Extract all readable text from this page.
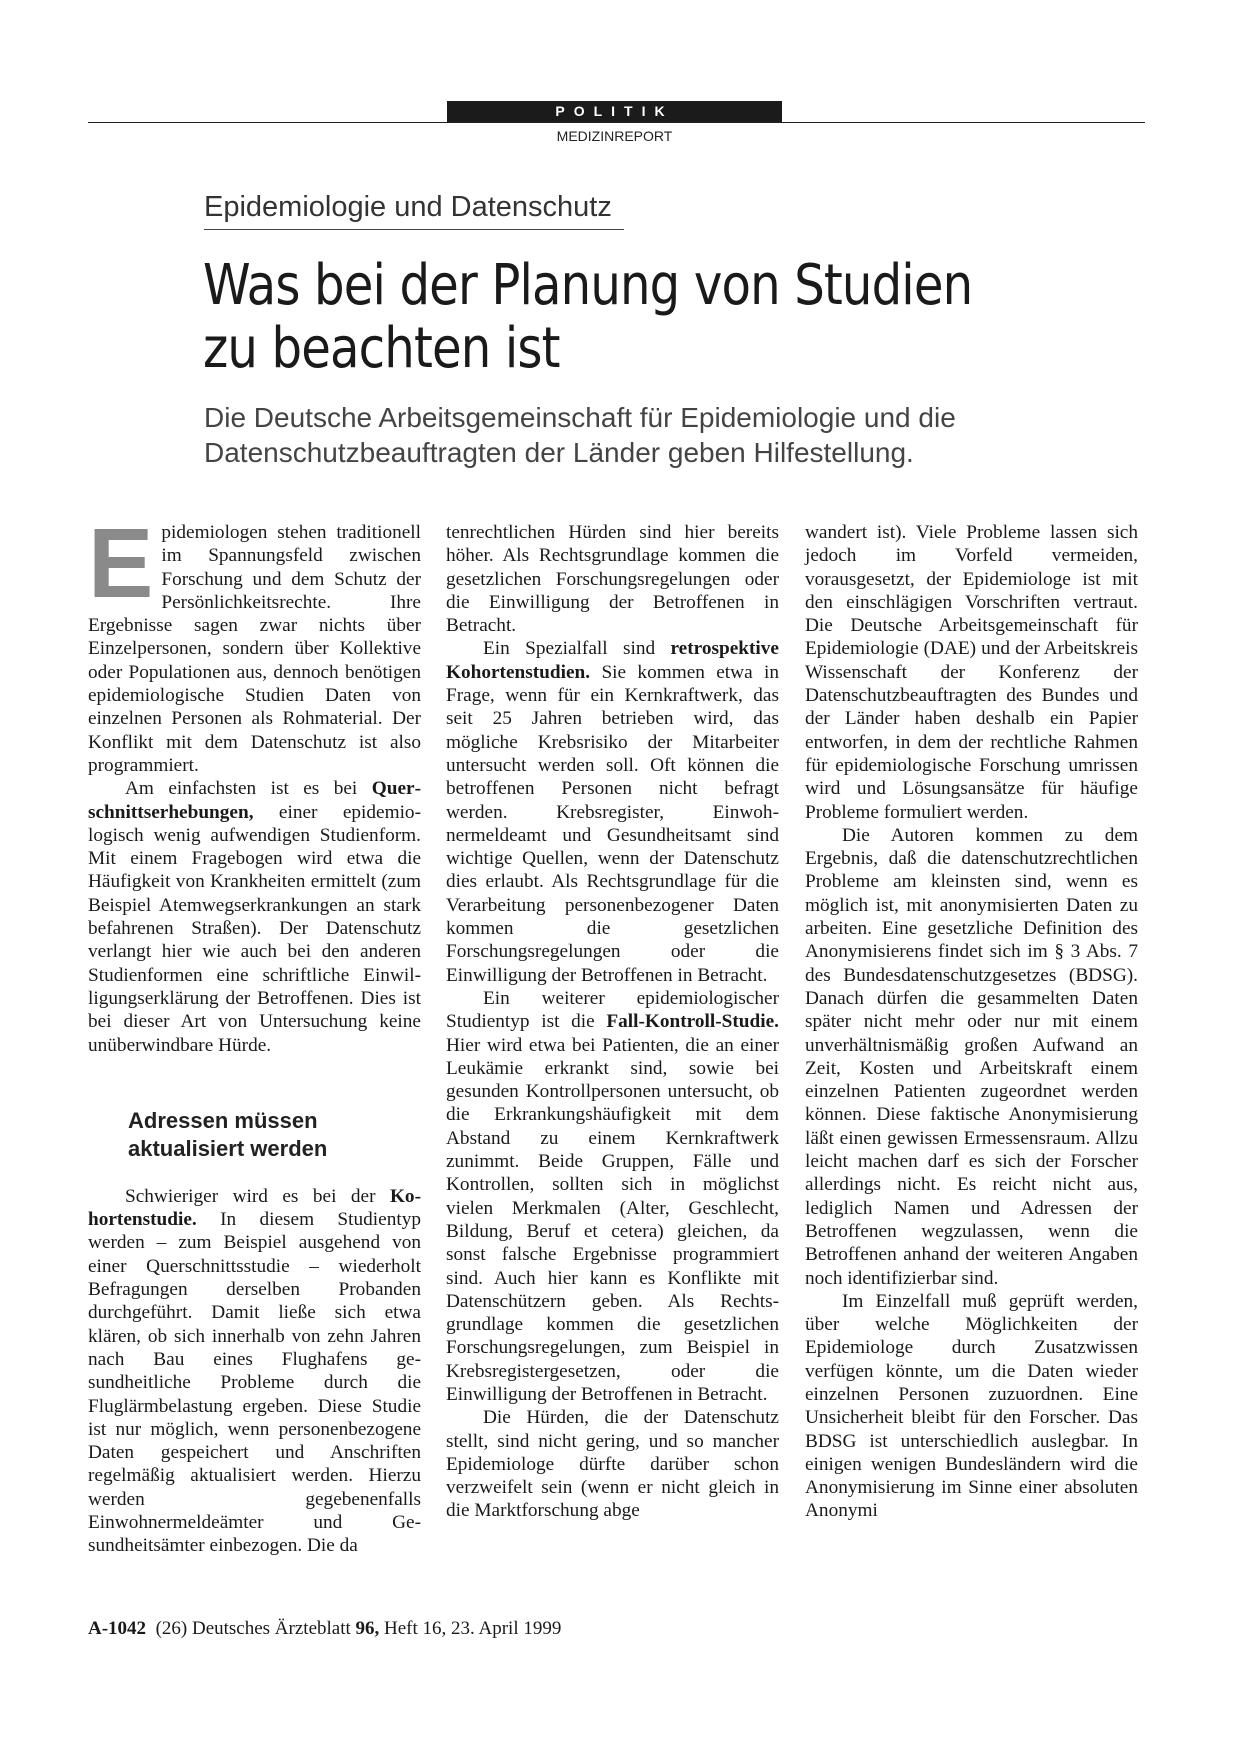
POLITIK
MEDIZINREPORT
Epidemiologie und Datenschutz
Was bei der Planung von Studien
zu beachten ist
Die Deutsche Arbeitsgemeinschaft für Epidemiologie und die
Datenschutzbeauftragten der Länder geben Hilfestellung.

Epidemiologen stehen traditionell im Spannungsfeld zwischen Forschung und dem Schutz der Persönlichkeitsrechte. Ihre Ergebnisse sagen zwar nichts über Einzelpersonen, sondern über Kollektive oder Populationen aus, dennoch benötigen epidemiologische Studien Daten von einzelnen Personen als Rohmaterial. Der Konflikt mit dem Datenschutz ist also programmiert.

Am einfachsten ist es bei Querschnittserhebungen, einer epidemiologisch wenig aufwendigen Studienform. Mit einem Fragebogen wird etwa die Häufigkeit von Krankheiten ermittelt (zum Beispiel Atemwegserkrankungen an stark befahrenen Straßen). Der Datenschutz verlangt hier wie auch bei den anderen Studienformen eine schriftliche Einwilligungserklärung der Betroffenen. Dies ist bei dieser Art von Untersuchung keine unüberwindbare Hürde.

Adressen müssen
aktualisiert werden

Schwieriger wird es bei der Kohortenstudie. In diesem Studientyp werden – zum Beispiel ausgehend von einer Querschnittsstudie – wiederholt Befragungen derselben Probanden durchgeführt. Damit ließe sich etwa klären, ob sich innerhalb von zehn Jahren nach Bau eines Flughafens gesundheitliche Probleme durch die Fluglärmbelastung ergeben. Diese Studie ist nur möglich, wenn personenbezogene Daten gespeichert und Anschriften regelmäßig aktualisiert werden. Hierzu werden gegebenenfalls Einwohnermeldeämter und Gesundheitsämter einbezogen. Die da

tenrechtlichen Hürden sind hier bereits höher. Als Rechtsgrundlage kommen die gesetzlichen Forschungsregelungen oder die Einwilligung der Betroffenen in Betracht.

Ein Spezialfall sind retrospektive Kohortenstudien. Sie kommen etwa in Frage, wenn für ein Kernkraftwerk, das seit 25 Jahren betrieben wird, das mögliche Krebsrisiko der Mitarbeiter untersucht werden soll. Oft können die betroffenen Personen nicht befragt werden. Krebsregister, Einwohnermeldeamt und Gesundheitsamt sind wichtige Quellen, wenn der Datenschutz dies erlaubt. Als Rechtsgrundlage für die Verarbeitung personenbezogener Daten kommen die gesetzlichen Forschungsregelungen oder die Einwilligung der Betroffenen in Betracht.

Ein weiterer epidemiologischer Studientyp ist die Fall-Kontroll-Studie. Hier wird etwa bei Patienten, die an einer Leukämie erkrankt sind, sowie bei gesunden Kontrollpersonen untersucht, ob die Erkrankungshäufigkeit mit dem Abstand zu einem Kernkraftwerk zunimmt. Beide Gruppen, Fälle und Kontrollen, sollten sich in möglichst vielen Merkmalen (Alter, Geschlecht, Bildung, Beruf et cetera) gleichen, da sonst falsche Ergebnisse programmiert sind. Auch hier kann es Konflikte mit Datenschützern geben. Als Rechtsgrundlage kommen die gesetzlichen Forschungsregelungen, zum Beispiel in Krebsregistergesetzen, oder die Einwilligung der Betroffenen in Betracht.

Die Hürden, die der Datenschutz stellt, sind nicht gering, und so mancher Epidemiologe dürfte darüber schon verzweifelt sein (wenn er nicht gleich in die Marktforschung abge

wandert ist). Viele Probleme lassen sich jedoch im Vorfeld vermeiden, vorausgesetzt, der Epidemiologe ist mit den einschlägigen Vorschriften vertraut. Die Deutsche Arbeitsgemeinschaft für Epidemiologie (DAE) und der Arbeitskreis Wissenschaft der Konferenz der Datenschutzbeauftragten des Bundes und der Länder haben deshalb ein Papier entworfen, in dem der rechtliche Rahmen für epidemiologische Forschung umrissen wird und Lösungsansätze für häufige Probleme formuliert werden.

Die Autoren kommen zu dem Ergebnis, daß die datenschutzrechtlichen Probleme am kleinsten sind, wenn es möglich ist, mit anonymisierten Daten zu arbeiten. Eine gesetzliche Definition des Anonymisierens findet sich im § 3 Abs. 7 des Bundesdatenschutzgesetzes (BDSG). Danach dürfen die gesammelten Daten später nicht mehr oder nur mit einem unverhältnismäßig großen Aufwand an Zeit, Kosten und Arbeitskraft einem einzelnen Patienten zugeordnet werden können. Diese faktische Anonymisierung läßt einen gewissen Ermessensraum. Allzu leicht machen darf es sich der Forscher allerdings nicht. Es reicht nicht aus, lediglich Namen und Adressen der Betroffenen wegzulassen, wenn die Betroffenen anhand der weiteren Angaben noch identifizierbar sind.

Im Einzelfall muß geprüft werden, über welche Möglichkeiten der Epidemiologe durch Zusatzwissen verfügen könnte, um die Daten wieder einzelnen Personen zuzuordnen. Eine Unsicherheit bleibt für den Forscher. Das BDSG ist unterschiedlich auslegbar. In einigen wenigen Bundesländern wird die Anonymisierung im Sinne einer absoluten Anonymi

A-1042 (26) Deutsches Ärzteblatt 96, Heft 16, 23. April 1999
